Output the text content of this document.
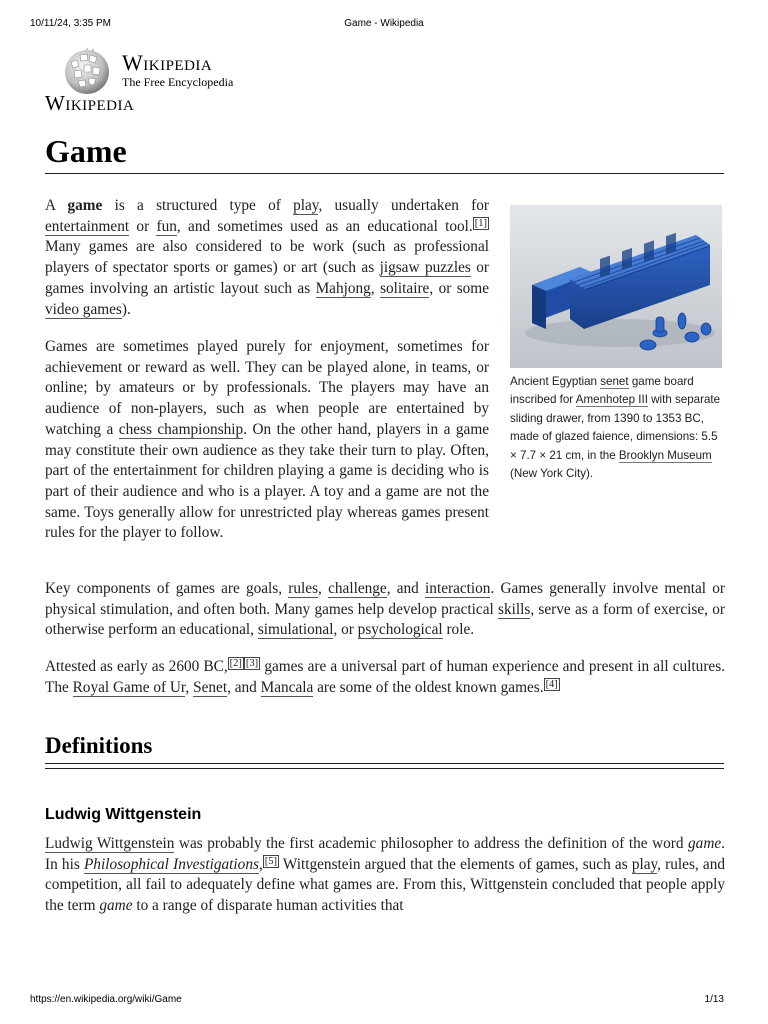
10/11/24, 3:35 PM	Game - Wikipedia
Wikipedia
The Free Encyclopedia
Wikipedia
Game

A game is a structured type of play, usually undertaken for entertainment or fun, and sometimes used as an educational tool. [1] Many games are also considered to be work (such as professional players of spectator sports or games) or art (such as jigsaw puzzles or games involving an artistic layout such as Mahjong, solitaire, or some video games).

Games are sometimes played purely for enjoyment, sometimes for achievement or reward as well. They can be played alone, in teams, or online; by amateurs or by professionals. The players may have an audience of non-players, such as when people are entertained by watching a chess championship. On the other hand, players in a game may constitute their own audience as they take their turn to play. Often, part of the entertainment for children playing a game is deciding who is part of their audience and who is a player. A toy and a game are not the same. Toys generally allow for unrestricted play whereas games present rules for the player to follow.

Ancient Egyptian senet game board inscribed for Amenhotep III with separate sliding drawer, from 1390 to 1353 BC, made of glazed faience, dimensions: 5.5 × 7.7 × 21 cm, in the Brooklyn Museum (New York City).

Key components of games are goals, rules, challenge, and interaction. Games generally involve mental or physical stimulation, and often both. Many games help develop practical skills, serve as a form of exercise, or otherwise perform an educational, simulational, or psychological role.

Attested as early as 2600 BC, [2] [3] games are a universal part of human experience and present in all cultures. The Royal Game of Ur, Senet, and Mancala are some of the oldest known games. [4]

Definitions
Ludwig Wittgenstein

Ludwig Wittgenstein was probably the first academic philosopher to address the definition of the word game. In his Philosophical Investigations, [5] Wittgenstein argued that the elements of games, such as play, rules, and competition, all fail to adequately define what games are. From this, Wittgenstein concluded that people apply the term game to a range of disparate human activities that

https://en.wikipedia.org/wiki/Game	1/13
